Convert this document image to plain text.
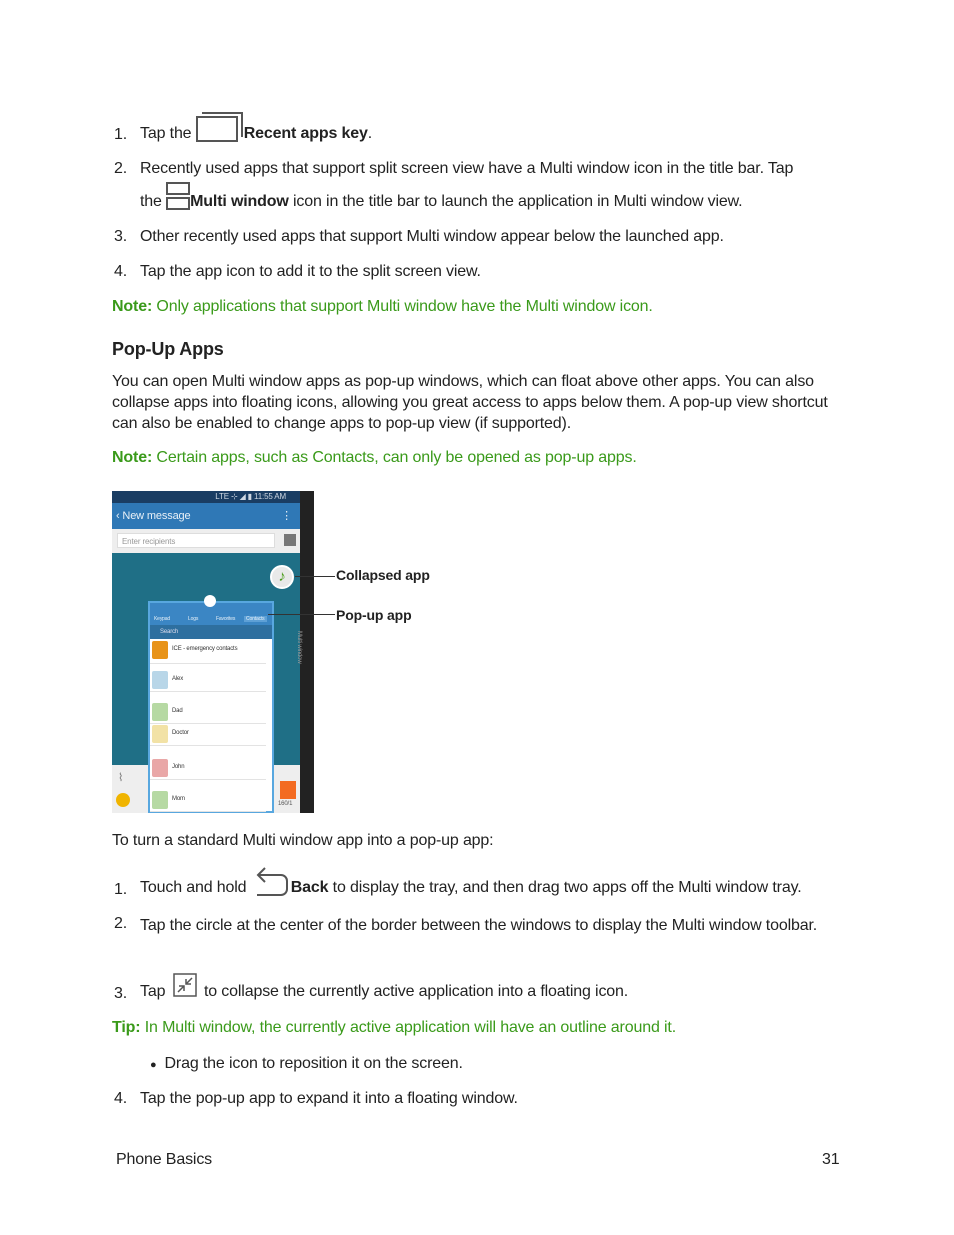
1. Tap the	Recent apps key.
2. Recently used apps that support split screen view have a Multi window icon in the title bar. Tap
the Multi window icon in the title bar to launch the application in Multi window view.
3. Other recently used apps that support Multi window appear below the launched app.
4. Tap the app icon to add it to the split screen view.
Note: Only applications that support Multi window have the Multi window icon.
Pop-Up Apps
You can open Multi window apps as pop-up windows, which can float above other apps. You can also collapse apps into floating icons, allowing you great access to apps below them. A pop-up view shortcut can also be enabled to change apps to pop-up view (if supported).
Note: Certain apps, such as Contacts, can only be opened as pop-up apps.
LTE ⊹ ◢ ▮ 11:55 AM
‹ New message	⋮
Enter recipients
⌇
160/1
Keypad	Logs	Favorites	Contacts
Search
ICE - emergency contacts
Alex
Dad
Doctor
John
Mom
♪
Multi window
Collapsed app
Pop-up app
To turn a standard Multi window app into a pop-up app:
1. Touch and hold	Back to display the tray, and then drag two apps off the Multi window tray.
2. Tap the circle at the center of the border between the windows to display the Multi window toolbar.
3. Tap  to collapse the currently active application into a floating icon.
Tip: In Multi window, the currently active application will have an outline around it.
● Drag the icon to reposition it on the screen.
4. Tap the pop-up app to expand it into a floating window.
Phone Basics	31
